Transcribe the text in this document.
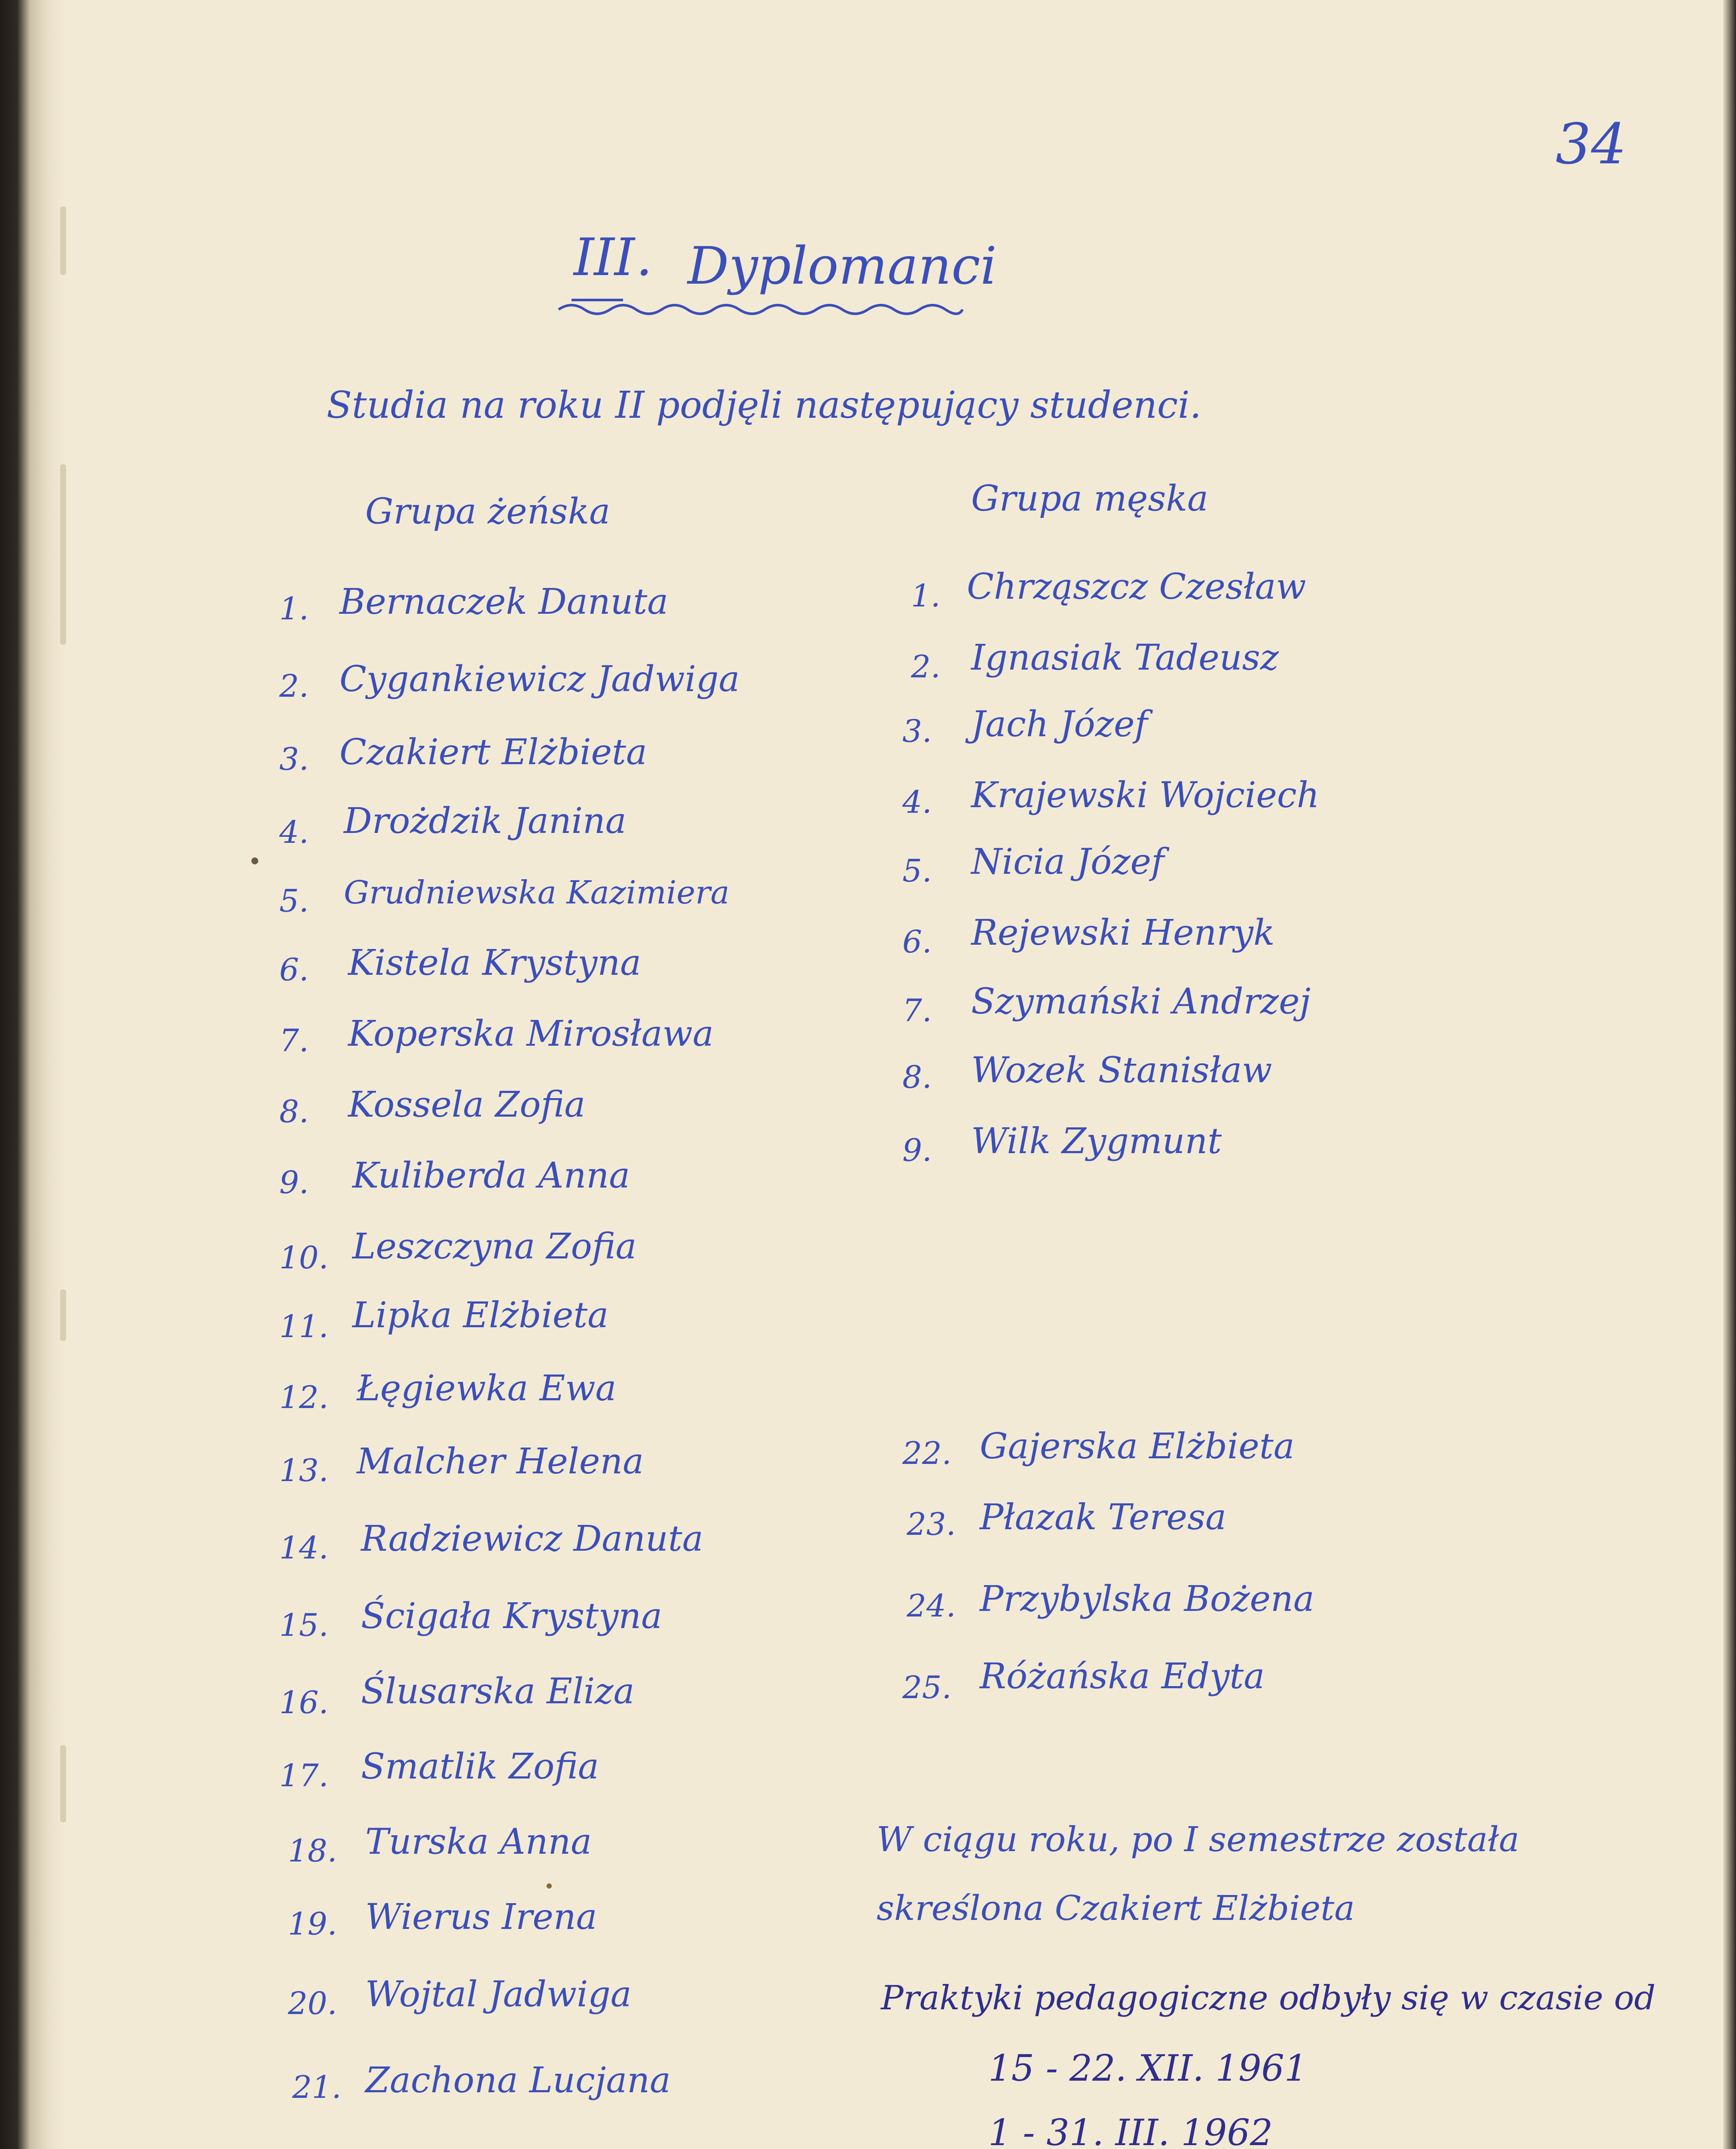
34
III . Dyplomanci
Studia na roku II podjęli następujący studenci.
Grupa żeńska	Grupa męska
1. Bernaczek Danuta
2. Cygankiewicz Jadwiga
3. Czakiert Elżbieta
4. Drożdzik Janina
5. Grudniewska Kazimiera
6. Kistela Krystyna
7. Koperska Mirosława
8. Kossela Zofia
9. Kuliberda Anna
10. Leszczyna Zofia
11. Lipka Elżbieta
12. Łęgiewka Ewa
13. Malcher Helena
14. Radziewicz Danuta
15. Ścigała Krystyna
16. Ślusarska Eliza
17. Smatlik Zofia
18. Turska Anna
19. Wierus Irena
20. Wojtal Jadwiga
21. Zachona Lucjana
1. Chrząszcz Czesław
2. Ignasiak Tadeusz
3. Jach Józef
4. Krajewski Wojciech
5. Nicia Józef
6. Rejewski Henryk
7. Szymański Andrzej
8. Wozek Stanisław
9. Wilk Zygmunt
22. Gajerska Elżbieta
23. Płazak Teresa
24. Przybylska Bożena
25. Różańska Edyta
W ciągu roku, po I semestrze została
skreślona Czakiert Elżbieta
Praktyki pedagogiczne odbyły się w czasie od
15 - 22. XII. 1961
1 - 31. III. 1962
